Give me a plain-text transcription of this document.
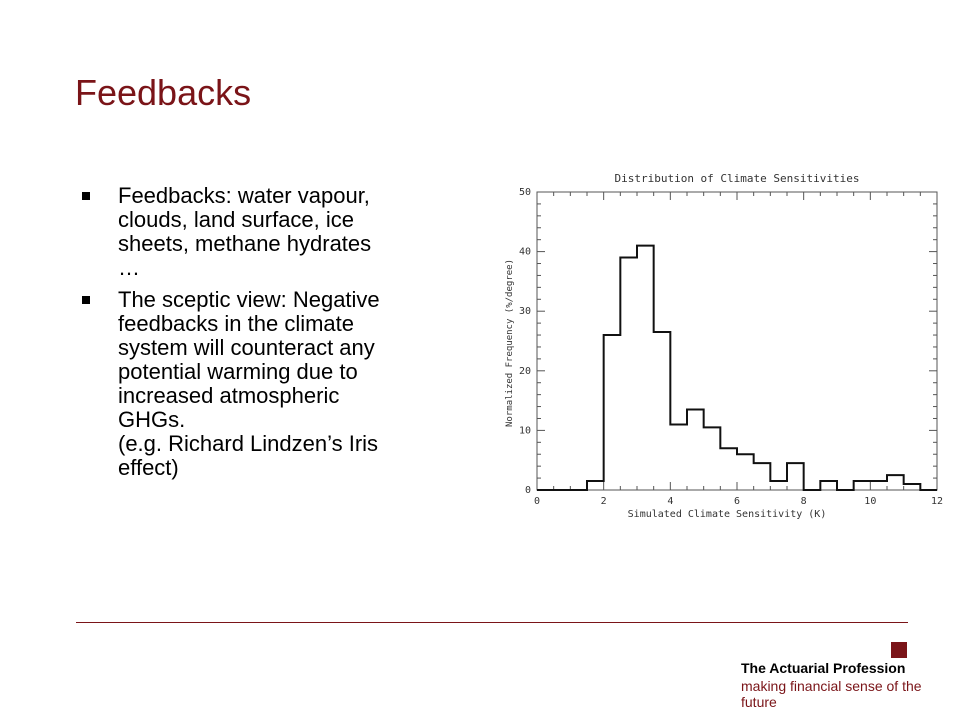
Feedbacks
Feedbacks: water vapour,
clouds, land surface, ice
sheets, methane hydrates
…
The sceptic view: Negative
feedbacks in the climate
system will counteract any
potential warming due to
increased atmospheric
GHGs.
(e.g. Richard Lindzen’s Iris
effect)
Distribution of Climate Sensitivities
Simulated Climate Sensitivity (K)
Normalized Frequency (%/degree)
0	2	4	6	8	10	12
0
10
20
30
40
50
The Actuarial Profession
making financial sense of the future
